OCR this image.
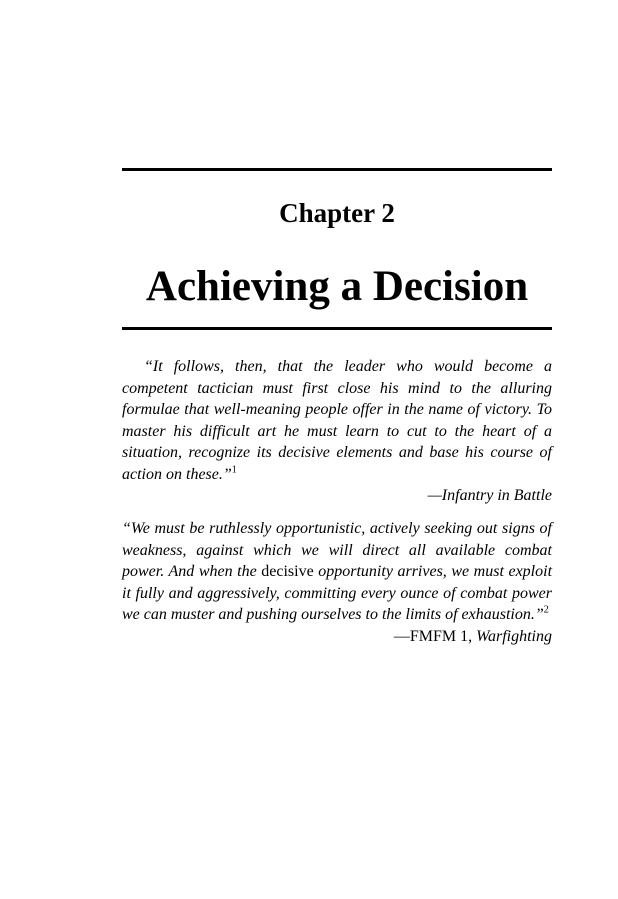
Chapter 2
Achieving a Decision
“It follows, then, that the leader who would become a competent tactician must first close his mind to the alluring formulae that well-meaning people offer in the name of victory. To master his difficult art he must learn to cut to the heart of a situation, recognize its decisive elements and base his course of action on these.”$^1$
—Infantry in Battle
“We must be ruthlessly opportunistic, actively seeking out signs of weakness, against which we will direct all available combat power. And when the decisive opportunity arrives, we must exploit it fully and aggressively, committing every ounce of combat power we can muster and pushing ourselves to the limits of exhaustion.”$^2$
—FMFM 1, Warfighting
